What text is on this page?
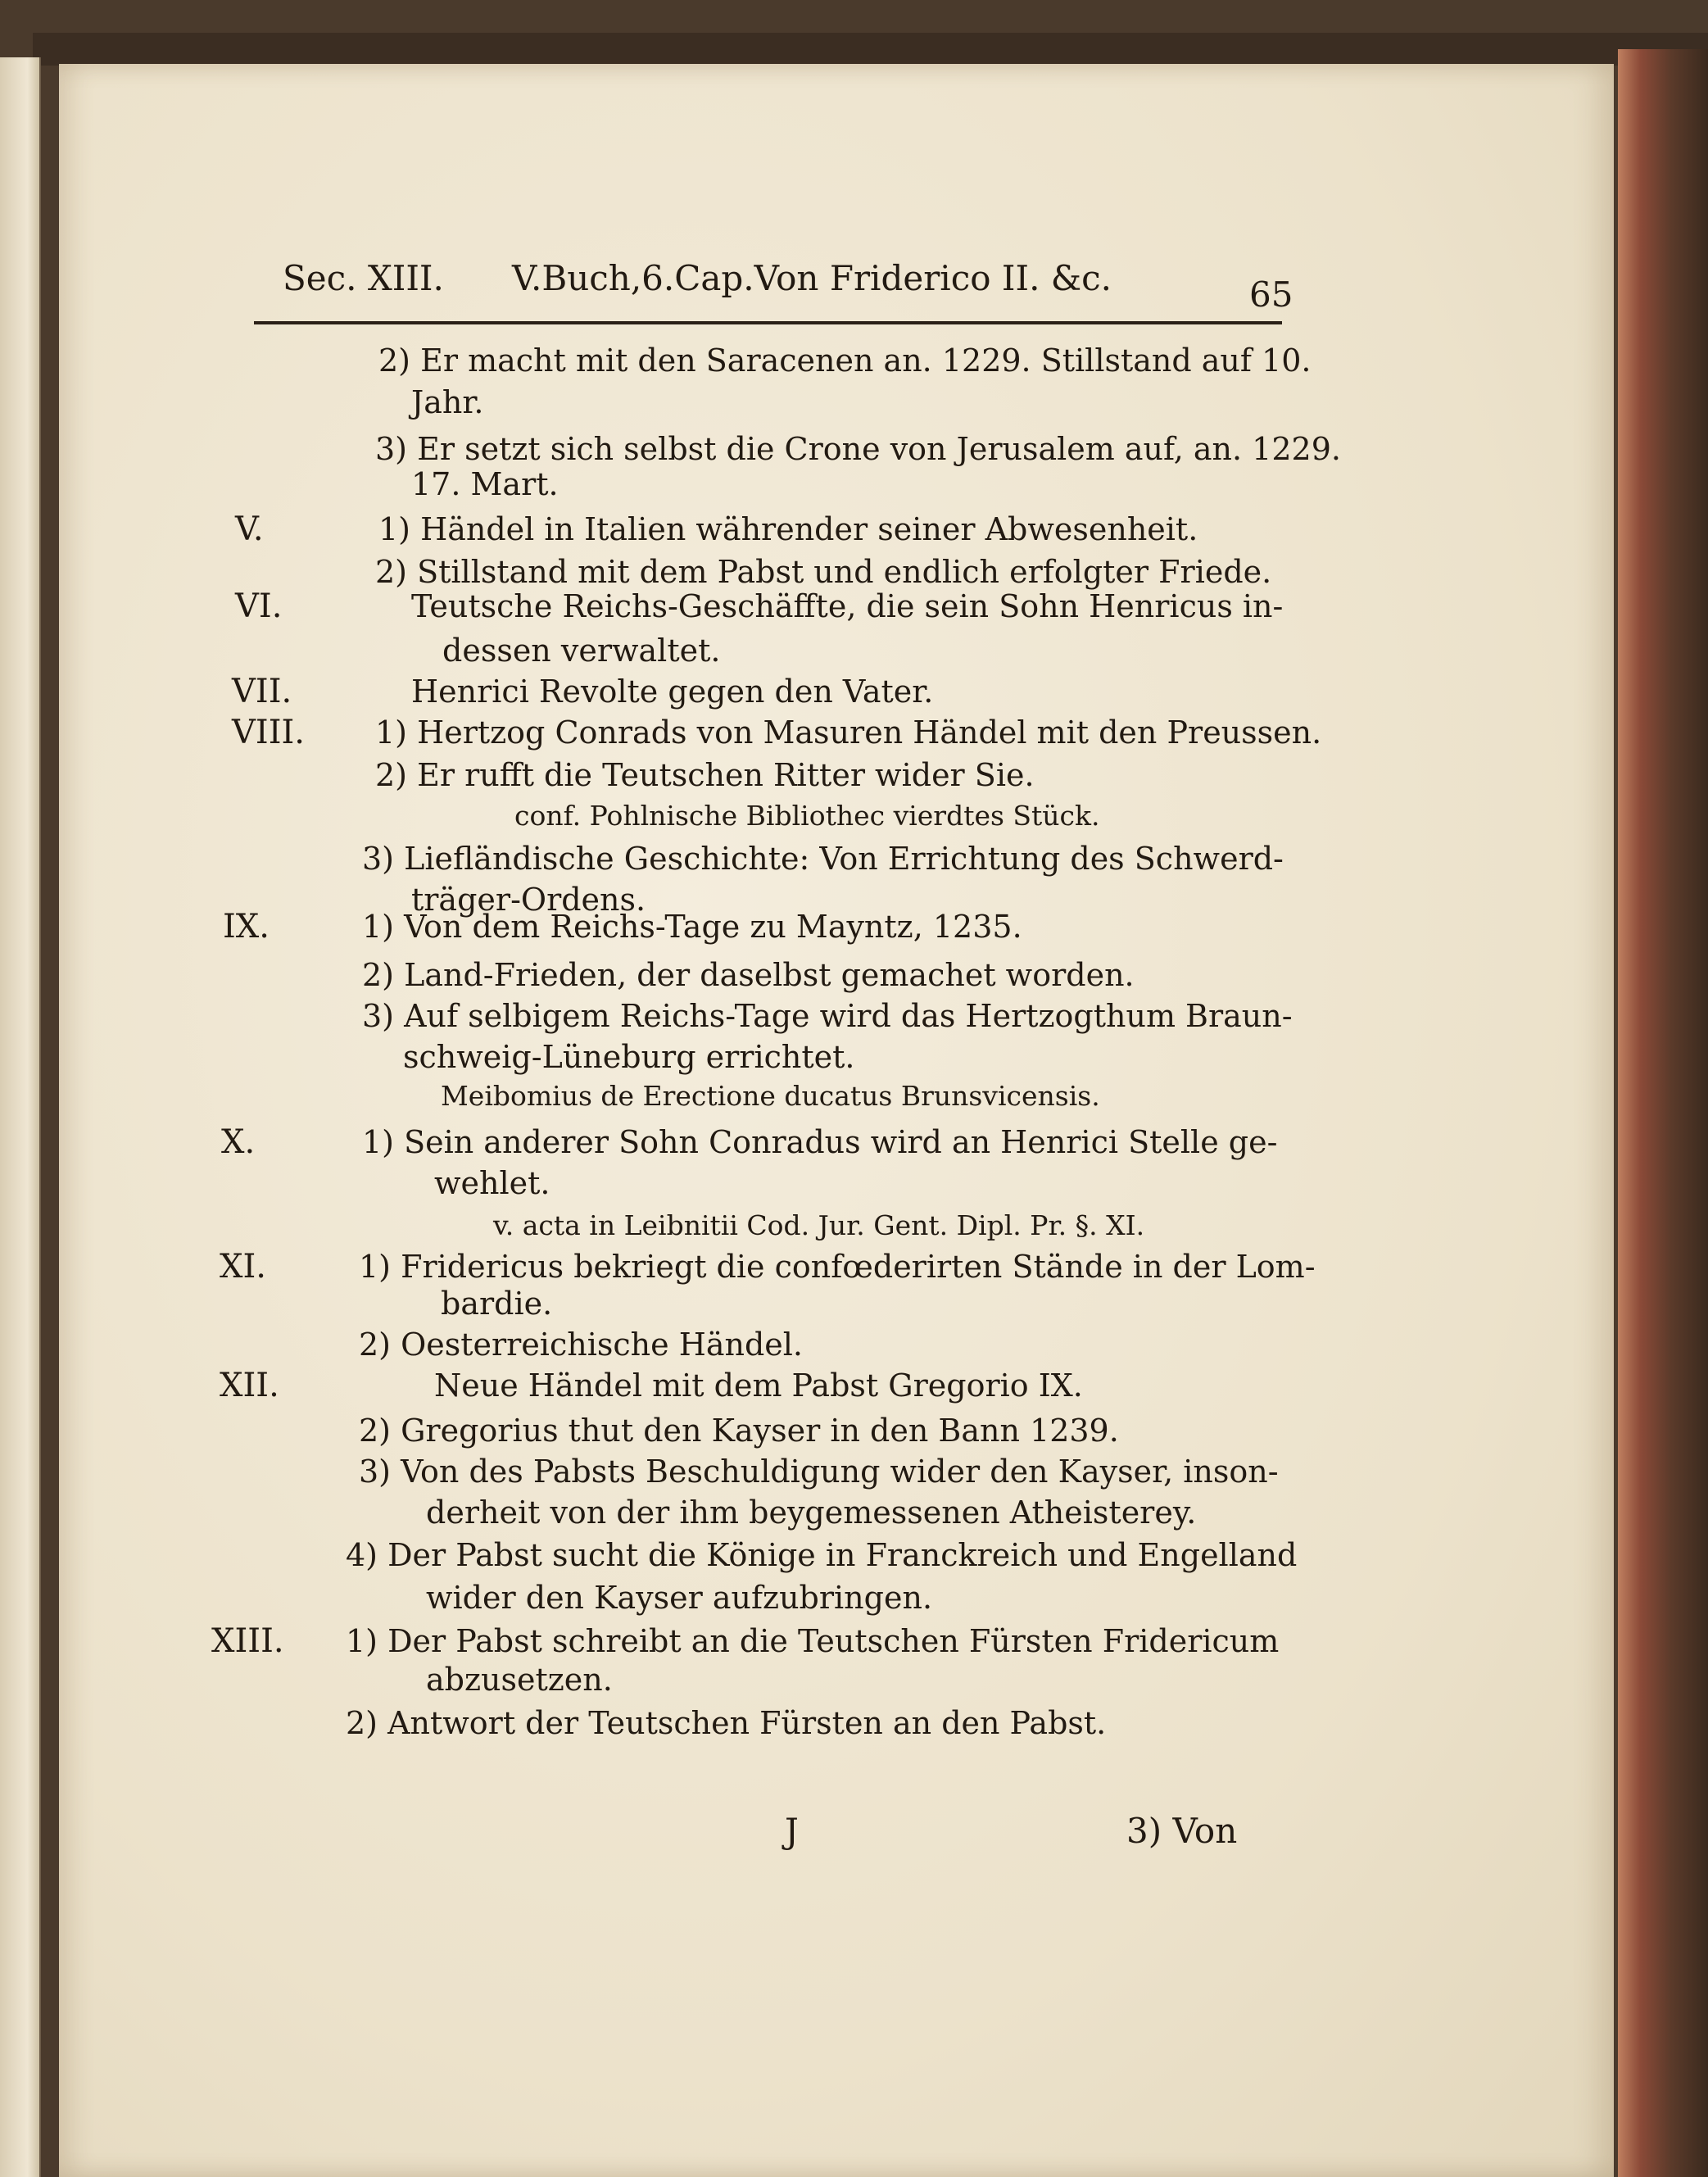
Sec. XIII. V.Buch,6.Cap.Von Friderico II. &c.	65
2) Er macht mit den Saracenen an. 1229. Stillstand auf 10.
Jahr.
3) Er setzt sich selbst die Crone von Jerusalem auf, an. 1229.
17. Mart.
V.	1) Händel in Italien währender seiner Abwesenheit.
2) Stillstand mit dem Pabst und endlich erfolgter Friede.
VI.	Teutsche Reichs-Geschäffte, die sein Sohn Henricus in-
dessen verwaltet.
VII.	Henrici Revolte gegen den Vater.
VIII. 1) Hertzog Conrads von Masuren Händel mit den Preussen.
2) Er rufft die Teutschen Ritter wider Sie.
conf. Pohlnische Bibliothec vierdtes Stück.
3) Liefländische Geschichte: Von Errichtung des Schwerd-
träger-Ordens.
IX.	1) Von dem Reichs-Tage zu Mayntz, 1235.
2) Land-Frieden, der daselbst gemachet worden.
3) Auf selbigem Reichs-Tage wird das Hertzogthum Braun-
schweig-Lüneburg errichtet.
Meibomius de Erectione ducatus Brunsvicensis.
X.	1) Sein anderer Sohn Conradus wird an Henrici Stelle ge-
wehlet.
v. acta in Leibnitii Cod. Jur. Gent. Dipl. Pr. §. XI.
XI.	1) Fridericus bekriegt die confœderirten Stände in der Lom-
bardie.
2) Oesterreichische Händel.
XII.	Neue Händel mit dem Pabst Gregorio IX.
2) Gregorius thut den Kayser in den Bann 1239.
3) Von des Pabsts Beschuldigung wider den Kayser, inson-
derheit von der ihm beygemessenen Atheisterey.
4) Der Pabst sucht die Könige in Franckreich und Engelland
wider den Kayser aufzubringen.
XIII. 1) Der Pabst schreibt an die Teutschen Fürsten Fridericum
abzusetzen.
2) Antwort der Teutschen Fürsten an den Pabst.
J	3) Von
